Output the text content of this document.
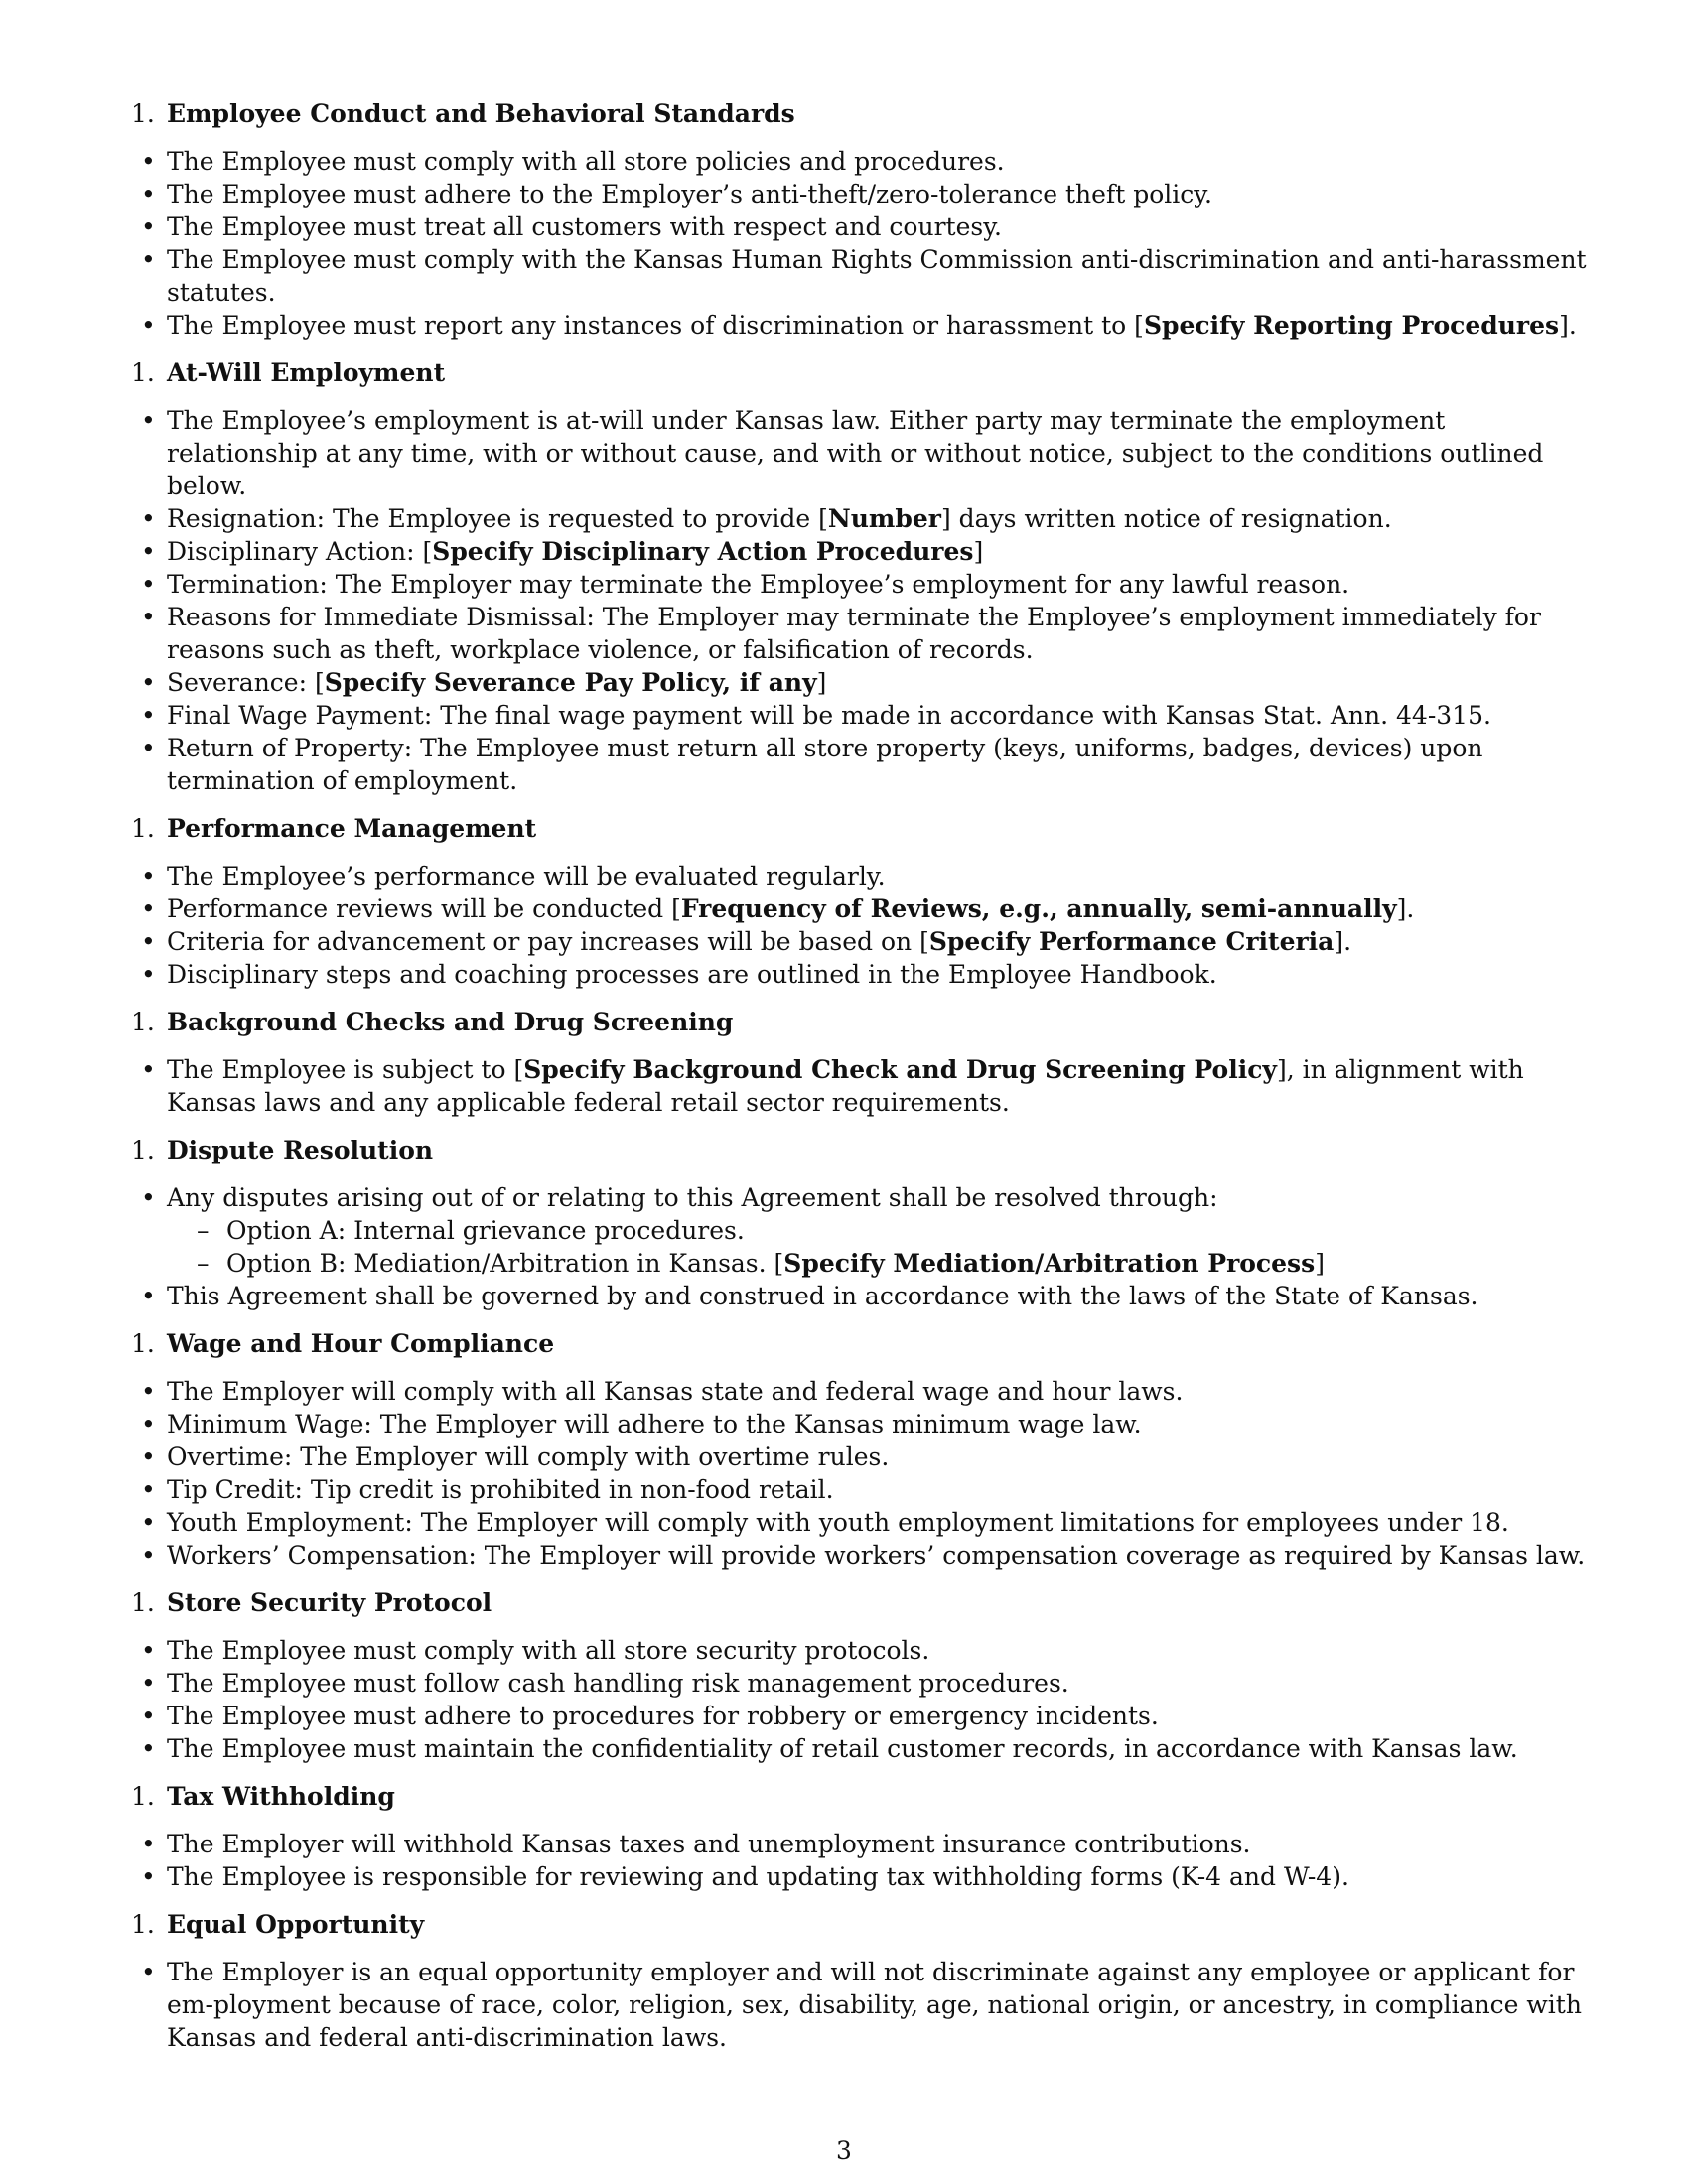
1. Employee Conduct and Behavioral Standards
• The Employee must comply with all store policies and procedures.
• The Employee must adhere to the Employer’s anti-theft/zero-tolerance theft policy.
• The Employee must treat all customers with respect and courtesy.
• The Employee must comply with the Kansas Human Rights Commission anti-discrimination and anti-harassment statutes.
• The Employee must report any instances of discrimination or harassment to [Specify Reporting Procedures].
1. At-Will Employment
• The Employee’s employment is at-will under Kansas law. Either party may terminate the employment relationship at any time, with or without cause, and with or without notice, subject to the conditions outlined below.
• Resignation: The Employee is requested to provide [Number] days written notice of resignation.
• Disciplinary Action: [Specify Disciplinary Action Procedures]
• Termination: The Employer may terminate the Employee’s employment for any lawful reason.
• Reasons for Immediate Dismissal: The Employer may terminate the Employee’s employment immediately for reasons such as theft, workplace violence, or falsification of records.
• Severance: [Specify Severance Pay Policy, if any]
• Final Wage Payment: The final wage payment will be made in accordance with Kansas Stat. Ann. 44-315.
• Return of Property: The Employee must return all store property (keys, uniforms, badges, devices) upon termination of employment.
1. Performance Management
• The Employee’s performance will be evaluated regularly.
• Performance reviews will be conducted [Frequency of Reviews, e.g., annually, semi-annually].
• Criteria for advancement or pay increases will be based on [Specify Performance Criteria].
• Disciplinary steps and coaching processes are outlined in the Employee Handbook.
1. Background Checks and Drug Screening
• The Employee is subject to [Specify Background Check and Drug Screening Policy], in alignment with Kansas laws and any applicable federal retail sector requirements.
1. Dispute Resolution
• Any disputes arising out of or relating to this Agreement shall be resolved through:
– Option A: Internal grievance procedures.
– Option B: Mediation/Arbitration in Kansas. [Specify Mediation/Arbitration Process]
• This Agreement shall be governed by and construed in accordance with the laws of the State of Kansas.
1. Wage and Hour Compliance
• The Employer will comply with all Kansas state and federal wage and hour laws.
• Minimum Wage: The Employer will adhere to the Kansas minimum wage law.
• Overtime: The Employer will comply with overtime rules.
• Tip Credit: Tip credit is prohibited in non-food retail.
• Youth Employment: The Employer will comply with youth employment limitations for employees under 18.
• Workers’ Compensation: The Employer will provide workers’ compensation coverage as required by Kansas law.
1. Store Security Protocol
• The Employee must comply with all store security protocols.
• The Employee must follow cash handling risk management procedures.
• The Employee must adhere to procedures for robbery or emergency incidents.
• The Employee must maintain the confidentiality of retail customer records, in accordance with Kansas law.
1. Tax Withholding
• The Employer will withhold Kansas taxes and unemployment insurance contributions.
• The Employee is responsible for reviewing and updating tax withholding forms (K-4 and W-4).
1. Equal Opportunity
• The Employer is an equal opportunity employer and will not discriminate against any employee or applicant for em-ployment because of race, color, religion, sex, disability, age, national origin, or ancestry, in compliance with Kansas and federal anti-discrimination laws.
3
